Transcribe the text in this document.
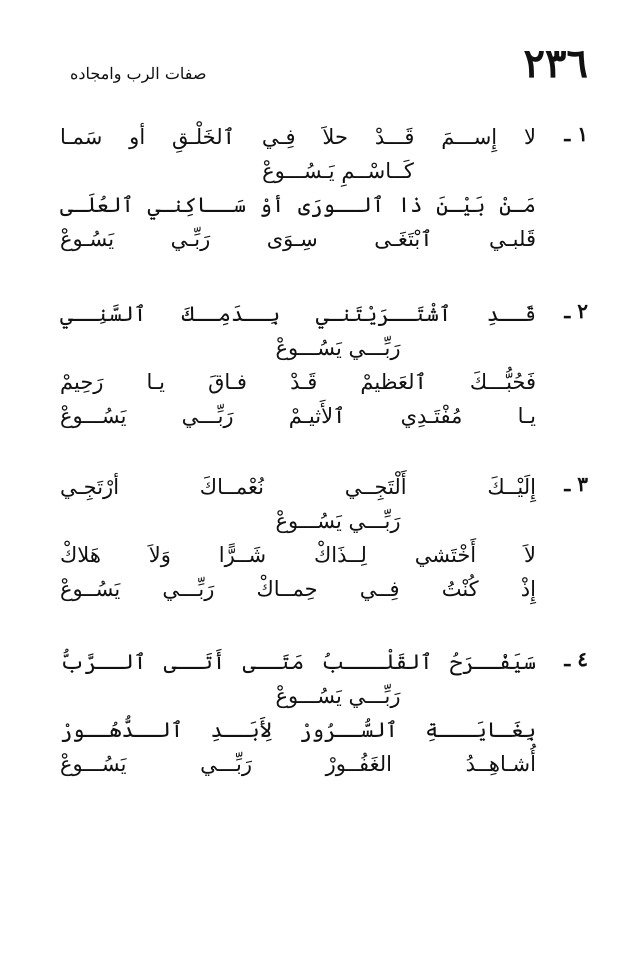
٢٣٦
صفات الرب وامجاده
١ ـ
لا إِســـمَ قَـــدْ حلاَ فِـي ٱلخَلْـقِ أو سَمـا
كَــاسْــمِ يَـسُـــوعْ
مَـنْ بَيْـنَ ذا ٱلــورَى أوْ سَــاكِنـي ٱلعُلَـى
قَلبـي ٱبْتَغَـى سِـوَى رَبِّـي يَسُـوعْ
٢ ـ
قَــدِ ٱشْتَــرَيْتَنـي بِــدَمِــكَ ٱلسَّنِــي
رَبِّـــي يَسُـــوعْ
فَحُبُّـــكَ ٱلعَظيمْ قَـدْ فـاقَ يـا رَحِيمْ
يـا مُفْتَـدِي ٱلأَثيـمْ رَبِّـــي يَسُـــوعْ
٣ ـ
إِلَيْــكَ أَلْتَجِــي نُعْمــاكَ أرْتَجِـي
رَبِّـــي يَسُـــوعْ
لاَ أَخْتَشي لِــذَاكْ شَــرًّا وَلاَ هَلاكْ
إِذْ كُنْتُ فِــي حِمــاكْ رَبِّـــي يَسُــوعْ
٤ ـ
سَيَفْــرَحُ ٱلقَلْـــبُ مَتَــى أَتَــى ٱلــرَّبُّ
رَبِّـــي يَسُـــوعْ
بِغَـايَـــةِ ٱلسُّــرُورْ لِأَبَــدِ ٱلــدُّهُــورْ
أُشـاهِــدُ الغَفُــورْ رَبِّـــي يَسُـــوعْ
